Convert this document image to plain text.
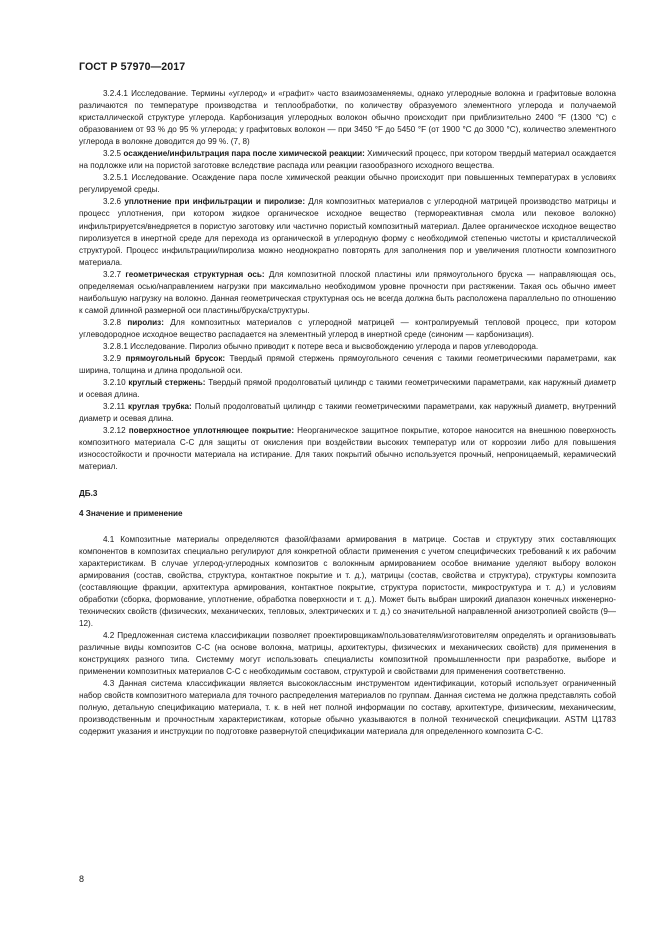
ГОСТ Р 57970—2017

3.2.4.1 Исследование. Термины «углерод» и «графит» часто взаимозаменяемы, однако углеродные волокна и графитовые волокна различаются по температуре производства и теплообработки, по количеству образуемого элементного углерода и получаемой кристаллической структуре углерода. Карбонизация углеродных волокон обычно происходит при приблизительно 2400 °F (1300 °C) с образованием от 93 % до 95 % углерода; у графитовых волокон — при 3450 °F до 5450 °F (от 1900 °C до 3000 °C), количество элементного углерода в волокне доводится до 99 %. (7, 8)

3.2.5 осаждение/инфильтрация пара после химической реакции: Химический процесс, при котором твердый материал осаждается на подложке или на пористой заготовке вследствие распада или реакции газообразного исходного вещества.

3.2.5.1 Исследование. Осаждение пара после химической реакции обычно происходит при повышенных температурах в условиях регулируемой среды.

3.2.6 уплотнение при инфильтрации и пиролизе: Для композитных материалов с углеродной матрицей производство матрицы и процесс уплотнения, при котором жидкое органическое исходное вещество (термореактивная смола или пековое волокно) инфильтрируется/внедряется в пористую заготовку или частично пористый композитный материал. Далее органическое исходное вещество пиролизуется в инертной среде для перехода из органической в углеродную форму с необходимой степенью чистоты и кристаллической структурой. Процесс инфильтрации/пиролиза можно неоднократно повторять для заполнения пор и увеличения плотности композитного материала.

3.2.7 геометрическая структурная ось: Для композитной плоской пластины или прямоугольного бруска — направляющая ось, определяемая осью/направлением нагрузки при максимально необходимом уровне прочности при растяжении. Такая ось обычно имеет наибольшую нагрузку на волокно. Данная геометрическая структурная ось не всегда должна быть расположена параллельно по отношению к самой длинной размерной оси пластины/бруска/структуры.

3.2.8 пиролиз: Для композитных материалов с углеродной матрицей — контролируемый тепловой процесс, при котором углеводородное исходное вещество распадается на элементный углерод в инертной среде (синоним — карбонизация).

3.2.8.1 Исследование. Пиролиз обычно приводит к потере веса и высвобождению углерода и паров углеводорода.

3.2.9 прямоугольный брусок: Твердый прямой стержень прямоугольного сечения с такими геометрическими параметрами, как ширина, толщина и длина продольной оси.

3.2.10 круглый стержень: Твердый прямой продолговатый цилиндр с такими геометрическими параметрами, как наружный диаметр и осевая длина.

3.2.11 круглая трубка: Полый продолговатый цилиндр с такими геометрическими параметрами, как наружный диаметр, внутренний диаметр и осевая длина.

3.2.12 поверхностное уплотняющее покрытие: Неорганическое защитное покрытие, которое наносится на внешнюю поверхность композитного материала С-С для защиты от окисления при воздействии высоких температур или от коррозии либо для повышения износостойкости и прочности материала на истирание. Для таких покрытий обычно используется прочный, непроницаемый, керамический материал.

ДБ.3

4 Значение и применение

4.1 Композитные материалы определяются фазой/фазами армирования в матрице. Состав и структуру этих составляющих компонентов в композитах специально регулируют для конкретной области применения с учетом специфических требований к их рабочим характеристикам. В случае углерод-углеродных композитов с волокнным армированием особое внимание уделяют выбору волокон армирования (состав, свойства, структура, контактное покрытие и т. д.), матрицы (состав, свойства и структура), структуры композита (составляющие фракции, архитектура армирования, контактное покрытие, структура пористости, микроструктура и т. д.) и условиям обработки (сборка, формование, уплотнение, обработка поверхности и т. д.). Может быть выбран широкий диапазон конечных инженерно-технических свойств (физических, механических, тепловых, электрических и т. д.) со значительной направленной анизотропией свойств (9—12).

4.2 Предложенная система классификации позволяет проектировщикам/пользователям/изготовителям определять и организовывать различные виды композитов С-С (на основе волокна, матрицы, архитектуры, физических и механических свойств) для применения в конструкциях разного типа. Системму могут использовать специалисты композитной промышленности при разработке, выборе и применении композитных материалов С-С с необходимым составом, структурой и свойствами для применения соответственно.

4.3 Данная система классификации является высококлассным инструментом идентификации, который использует ограниченный набор свойств композитного материала для точного распределения материалов по группам. Данная система не должна представлять собой полную, детальную спецификацию материала, т. к. в ней нет полной информации по составу, архитектуре, физическим, механическим, производственным и прочностным характеристикам, которые обычно указываются в полной технической спецификации. ASTM Ц1783 содержит указания и инструкции по подготовке развернутой спецификации материала для определенного композита С-С.

8
